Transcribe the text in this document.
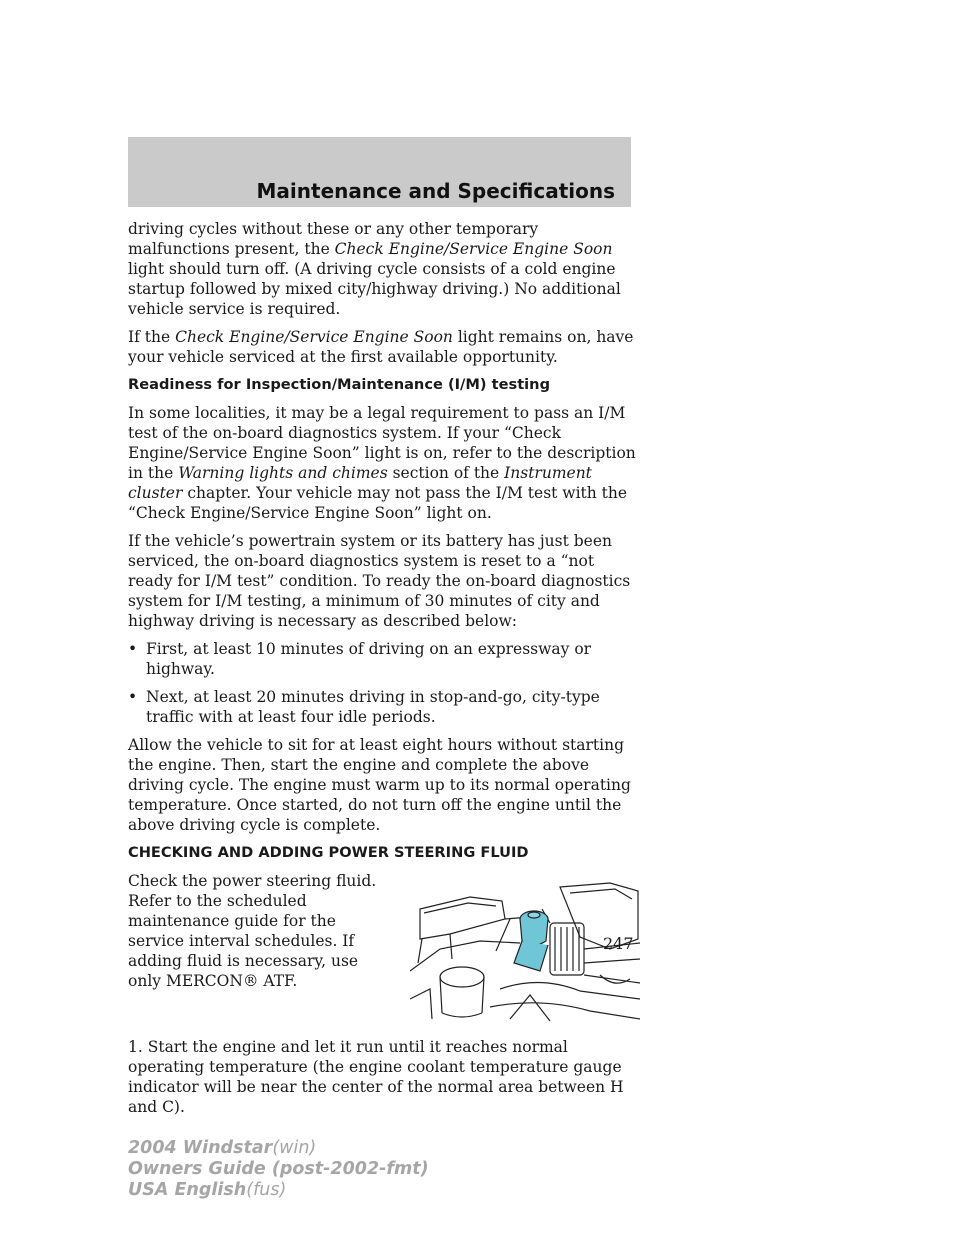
Maintenance and Specifications

driving cycles without these or any other temporary malfunctions present, the Check Engine/Service Engine Soon light should turn off. (A driving cycle consists of a cold engine startup followed by mixed city/highway driving.) No additional vehicle service is required.

If the Check Engine/Service Engine Soon light remains on, have your vehicle serviced at the first available opportunity.

Readiness for Inspection/Maintenance (I/M) testing

In some localities, it may be a legal requirement to pass an I/M test of the on-board diagnostics system. If your “Check Engine/Service Engine Soon” light is on, refer to the description in the Warning lights and chimes section of the Instrument cluster chapter. Your vehicle may not pass the I/M test with the “Check Engine/Service Engine Soon” light on.

If the vehicle’s powertrain system or its battery has just been serviced, the on-board diagnostics system is reset to a “not ready for I/M test” condition. To ready the on-board diagnostics system for I/M testing, a minimum of 30 minutes of city and highway driving is necessary as described below:

• First, at least 10 minutes of driving on an expressway or highway.
• Next, at least 20 minutes driving in stop-and-go, city-type traffic with at least four idle periods.

Allow the vehicle to sit for at least eight hours without starting the engine. Then, start the engine and complete the above driving cycle. The engine must warm up to its normal operating temperature. Once started, do not turn off the engine until the above driving cycle is complete.

CHECKING AND ADDING POWER STEERING FLUID
Check the power steering fluid. Refer to the scheduled maintenance guide for the service interval schedules. If adding fluid is necessary, use only MERCON® ATF.

1. Start the engine and let it run until it reaches normal operating temperature (the engine coolant temperature gauge indicator will be near the center of the normal area between H and C).

247
2004 Windstar(win)
Owners Guide (post-2002-fmt)
USA English(fus)
